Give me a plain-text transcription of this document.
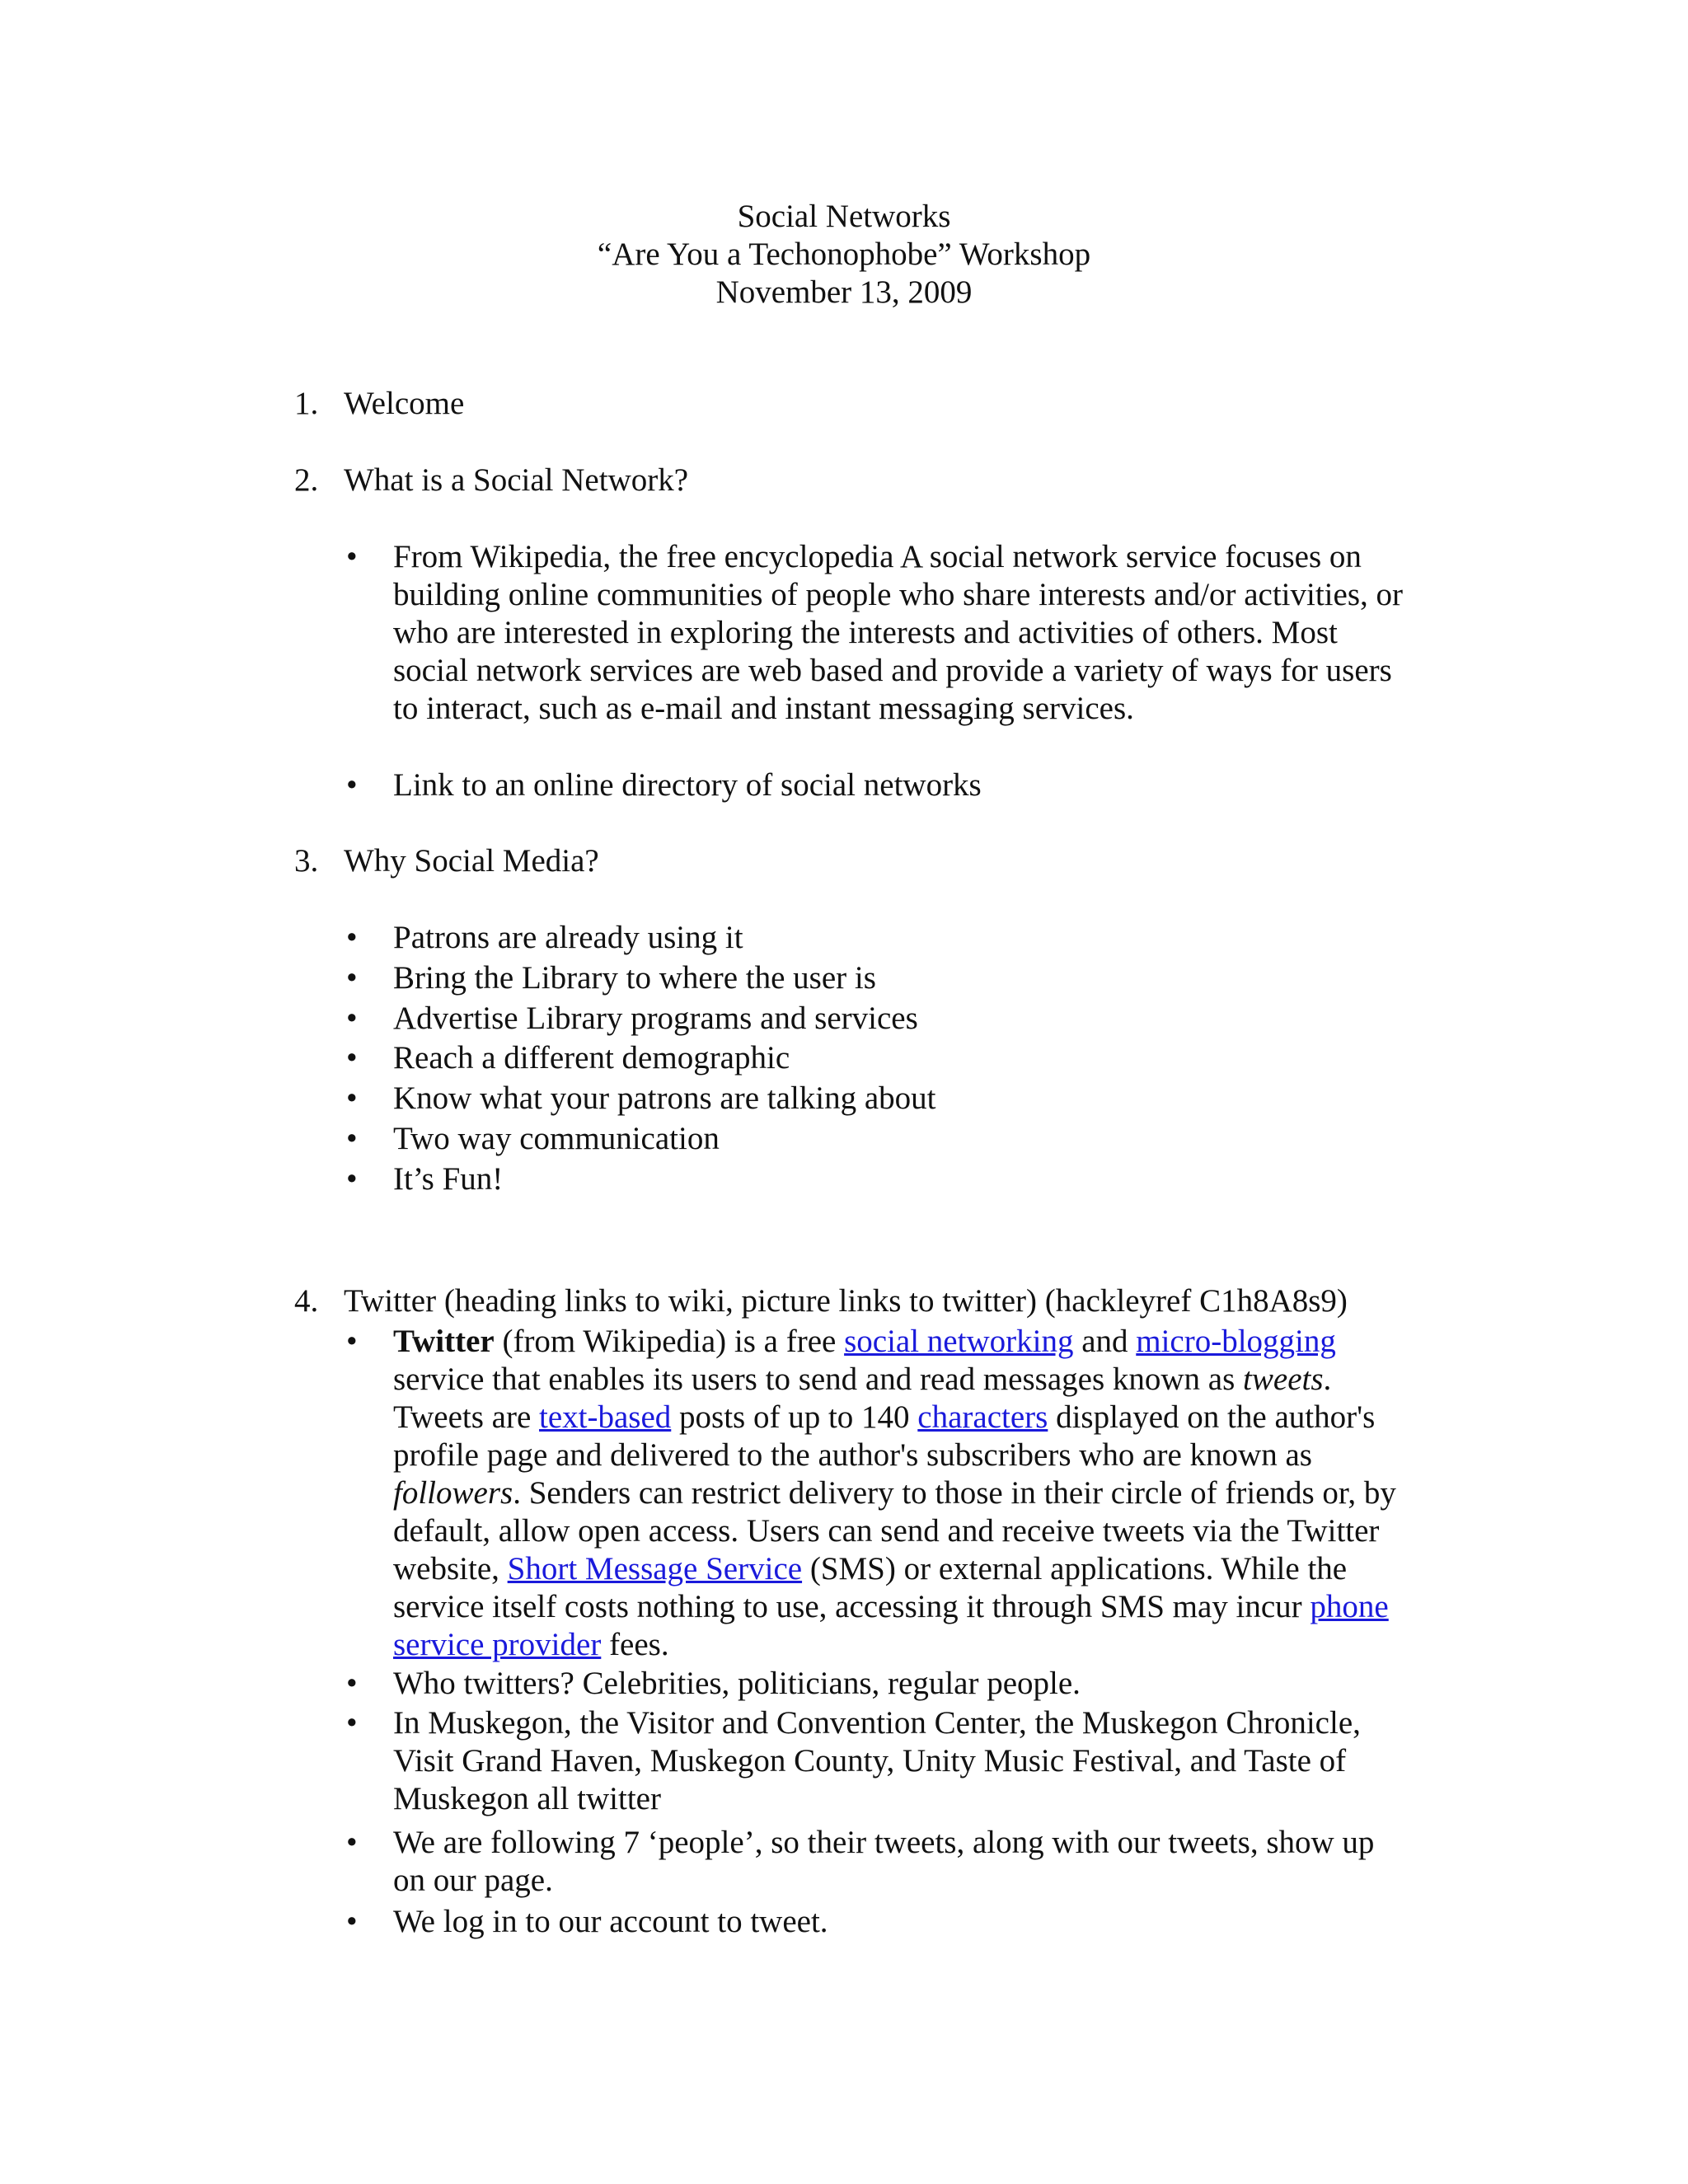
Social Networks
“Are You a Techonophobe” Workshop
November 13, 2009
1. Welcome
2. What is a Social Network?
• From Wikipedia, the free encyclopedia A social network service focuses on
building online communities of people who share interests and/or activities, or
who are interested in exploring the interests and activities of others. Most
social network services are web based and provide a variety of ways for users
to interact, such as e-mail and instant messaging services.
• Link to an online directory of social networks
3. Why Social Media?
• Patrons are already using it
• Bring the Library to where the user is
• Advertise Library programs and services
• Reach a different demographic
• Know what your patrons are talking about
• Two way communication
• It’s Fun!
4. Twitter (heading links to wiki, picture links to twitter) (hackleyref C1h8A8s9)
• Twitter (from Wikipedia) is a free social networking and micro-blogging
service that enables its users to send and read messages known as tweets.
Tweets are text-based posts of up to 140 characters displayed on the author's
profile page and delivered to the author's subscribers who are known as
followers. Senders can restrict delivery to those in their circle of friends or, by
default, allow open access. Users can send and receive tweets via the Twitter
website, Short Message Service (SMS) or external applications. While the
service itself costs nothing to use, accessing it through SMS may incur phone
service provider fees.
• Who twitters? Celebrities, politicians, regular people.
• In Muskegon, the Visitor and Convention Center, the Muskegon Chronicle,
Visit Grand Haven, Muskegon County, Unity Music Festival, and Taste of
Muskegon all twitter
• We are following 7 ‘people’, so their tweets, along with our tweets, show up
on our page.
• We log in to our account to tweet.
